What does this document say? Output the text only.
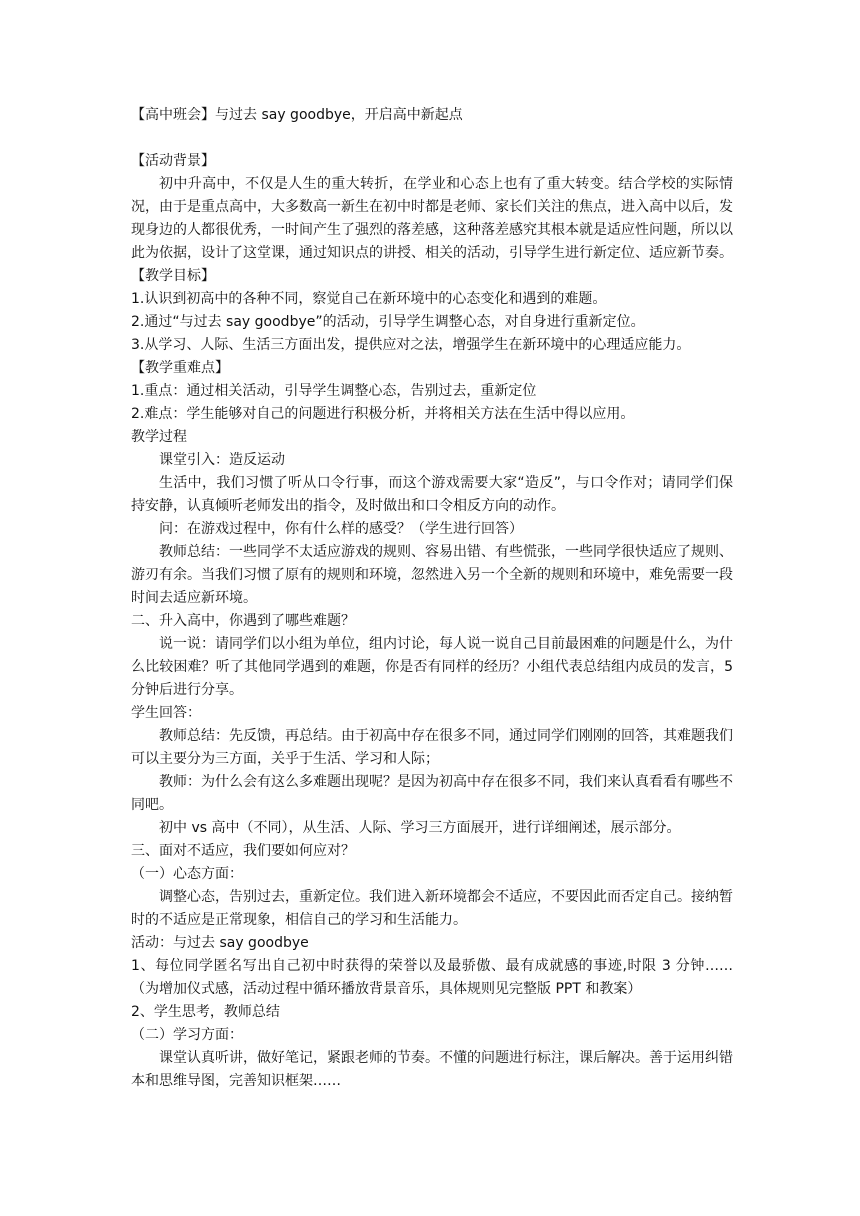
【高中班会】与过去 say goodbye，开启高中新起点
【活动背景】

初中升高中，不仅是人生的重大转折，在学业和心态上也有了重大转变。结合学校的实际情况，由于是重点高中，大多数高一新生在初中时都是老师、家长们关注的焦点，进入高中以后，发现身边的人都很优秀，一时间产生了强烈的落差感，这种落差感究其根本就是适应性问题，所以以此为依据，设计了这堂课，通过知识点的讲授、相关的活动，引导学生进行新定位、适应新节奏。

【教学目标】
1.认识到初高中的各种不同，察觉自己在新环境中的心态变化和遇到的难题。
2.通过“与过去 say goodbye”的活动，引导学生调整心态，对自身进行重新定位。
3.从学习、人际、生活三方面出发，提供应对之法，增强学生在新环境中的心理适应能力。
【教学重难点】
1.重点：通过相关活动，引导学生调整心态，告别过去，重新定位
2.难点：学生能够对自己的问题进行积极分析，并将相关方法在生活中得以应用。
教学过程
课堂引入：造反运动

生活中，我们习惯了听从口令行事，而这个游戏需要大家“造反”，与口令作对；请同学们保持安静，认真倾听老师发出的指令，及时做出和口令相反方向的动作。

问：在游戏过程中，你有什么样的感受？（学生进行回答）

教师总结：一些同学不太适应游戏的规则、容易出错、有些慌张，一些同学很快适应了规则、游刃有余。当我们习惯了原有的规则和环境，忽然进入另一个全新的规则和环境中，难免需要一段时间去适应新环境。

二、升入高中，你遇到了哪些难题？

说一说：请同学们以小组为单位，组内讨论，每人说一说自己目前最困难的问题是什么，为什么比较困难？听了其他同学遇到的难题，你是否有同样的经历？小组代表总结组内成员的发言，5 分钟后进行分享。

学生回答：

教师总结：先反馈，再总结。由于初高中存在很多不同，通过同学们刚刚的回答，其难题我们可以主要分为三方面，关乎于生活、学习和人际；

教师：为什么会有这么多难题出现呢？是因为初高中存在很多不同，我们来认真看看有哪些不同吧。

初中 vs 高中（不同），从生活、人际、学习三方面展开，进行详细阐述，展示部分。
三、面对不适应，我们要如何应对？
（一）心态方面：

调整心态，告别过去，重新定位。我们进入新环境都会不适应，不要因此而否定自己。接纳暂时的不适应是正常现象，相信自己的学习和生活能力。

活动：与过去 say goodbye

1、每位同学匿名写出自己初中时获得的荣誉以及最骄傲、最有成就感的事迹,时限 3 分钟……（为增加仪式感，活动过程中循环播放背景音乐，具体规则见完整版 PPT 和教案）

2、学生思考，教师总结
（二）学习方面：

课堂认真听讲，做好笔记，紧跟老师的节奏。不懂的问题进行标注，课后解决。善于运用纠错本和思维导图，完善知识框架……
